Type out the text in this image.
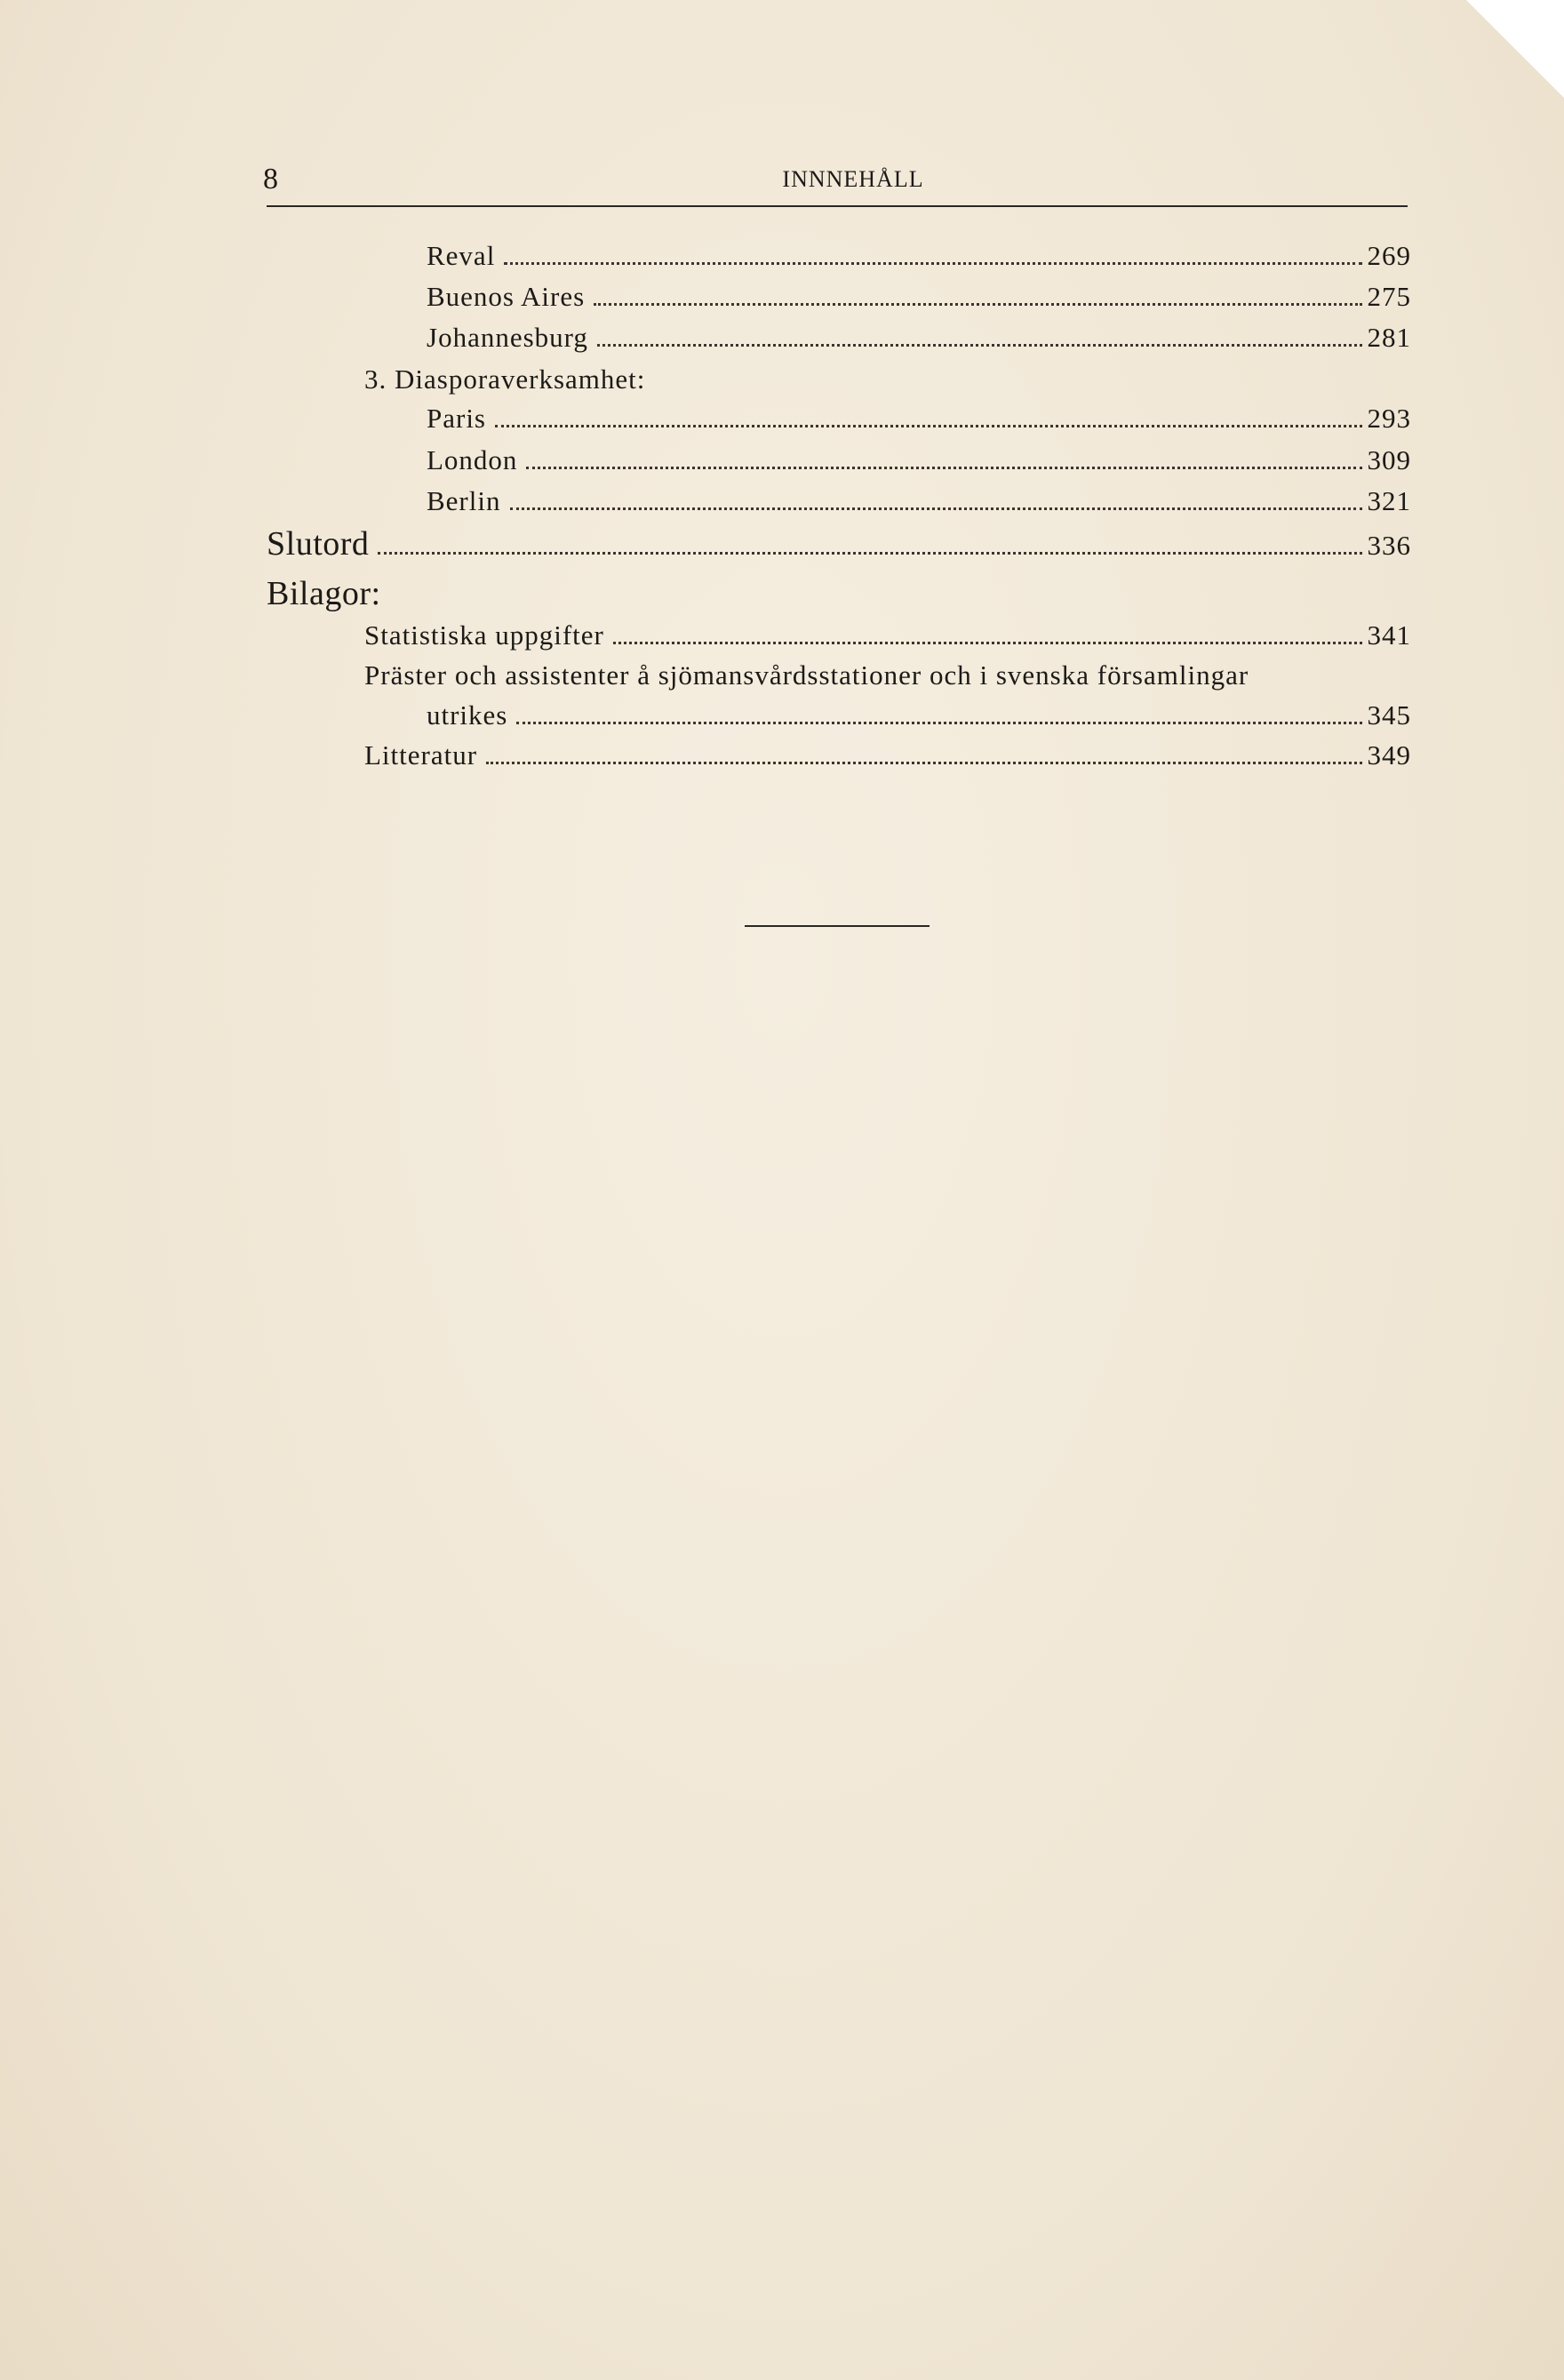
8	INNNEHÅLL
Reval	269
Buenos Aires	275
Johannesburg	281
3. Diasporaverksamhet:
Paris	293
London	309
Berlin	321
Slutord	336
Bilagor:
Statistiska uppgifter	341
Präster och assistenter å sjömansvårdsstationer och i svenska församlingar
utrikes	345
Litteratur	349
